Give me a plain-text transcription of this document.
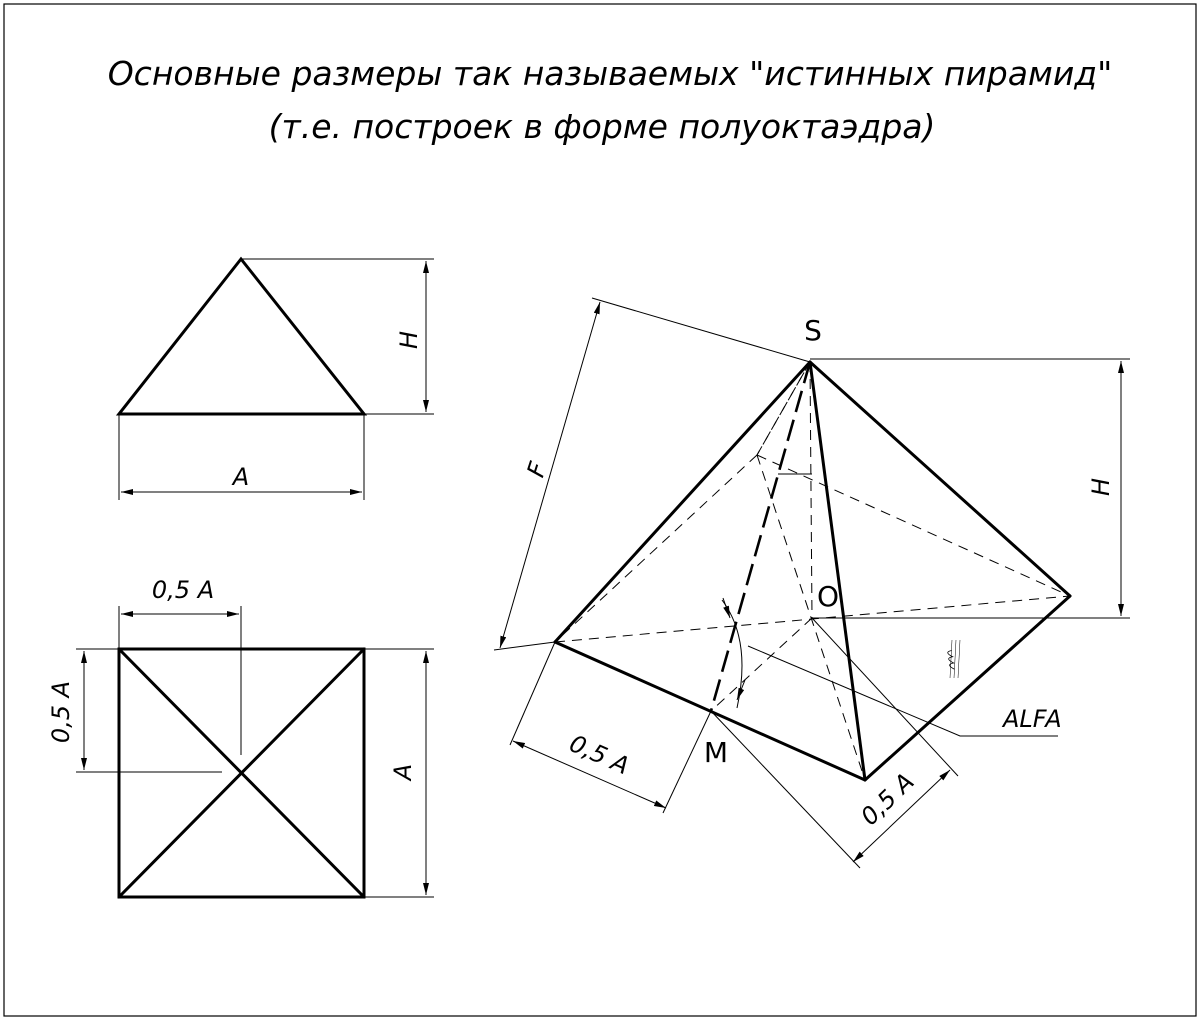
Основные размеры так называемых "истинных пирамид"
(т.е. построек в форме полуоктаэдра)
H
A
0,5 A
0,5 A
A
ALFA
F
H
0,5 A
0,5 A
S
O
M
